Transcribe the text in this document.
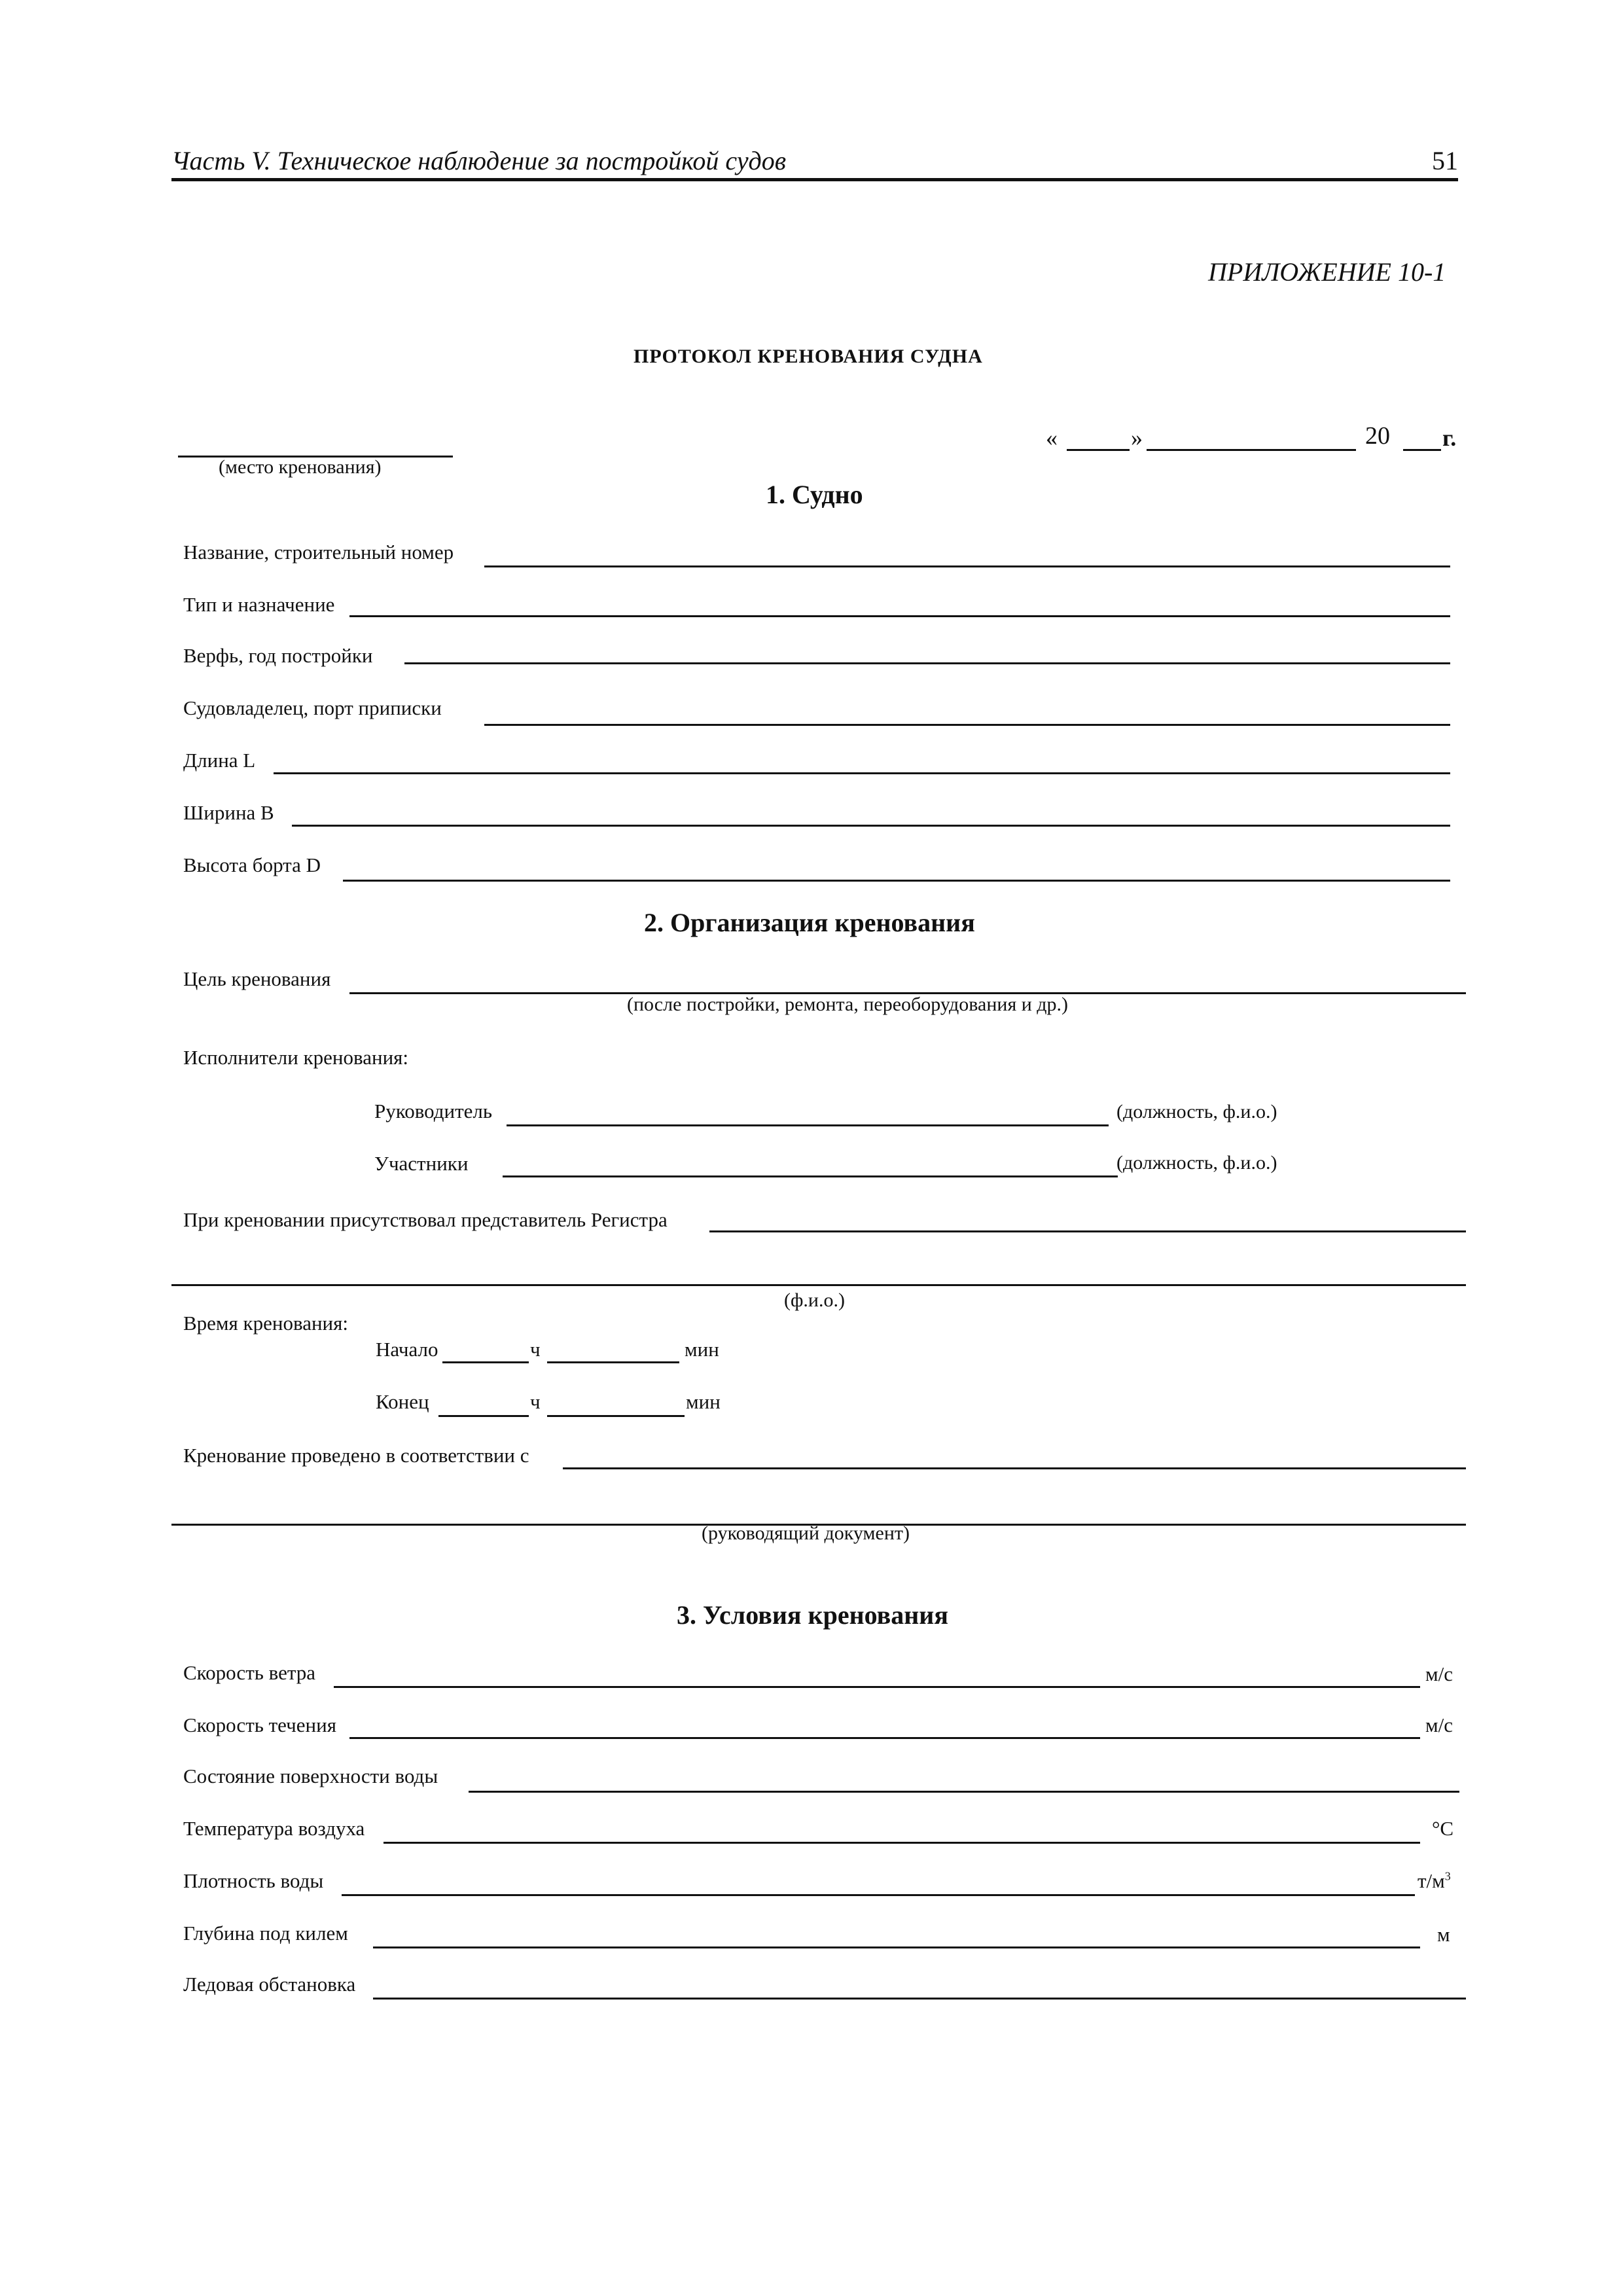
Часть V. Техническое наблюдение за постройкой судов	51
ПРИЛОЖЕНИЕ 10-1
ПРОТОКОЛ КРЕНОВАНИЯ СУДНА
(место кренования)
«	»	20 г.
1. Судно
Название, строительный номер
Тип и назначение
Верфь, год постройки
Судовладелец, порт приписки
Длина L
Ширина B
Высота борта D
2. Организация кренования
Цель кренования
(после постройки, ремонта, переоборудования и др.)
Исполнители кренования:
Руководитель	(должность, ф.и.о.)
Участники	(должность, ф.и.о.)
При креновании присутствовал представитель Регистра
(ф.и.о.)
Время кренования:
Начало	ч	мин
Конец	ч	мин
Кренование проведено в соответствии с
(руководящий документ)
3. Условия кренования
Скорость ветра	м/с
Скорость течения	м/с
Состояние поверхности воды
Температура воздуха	°C
Плотность воды	$т/м^3$
Глубина под килем	м
Ледовая обстановка
